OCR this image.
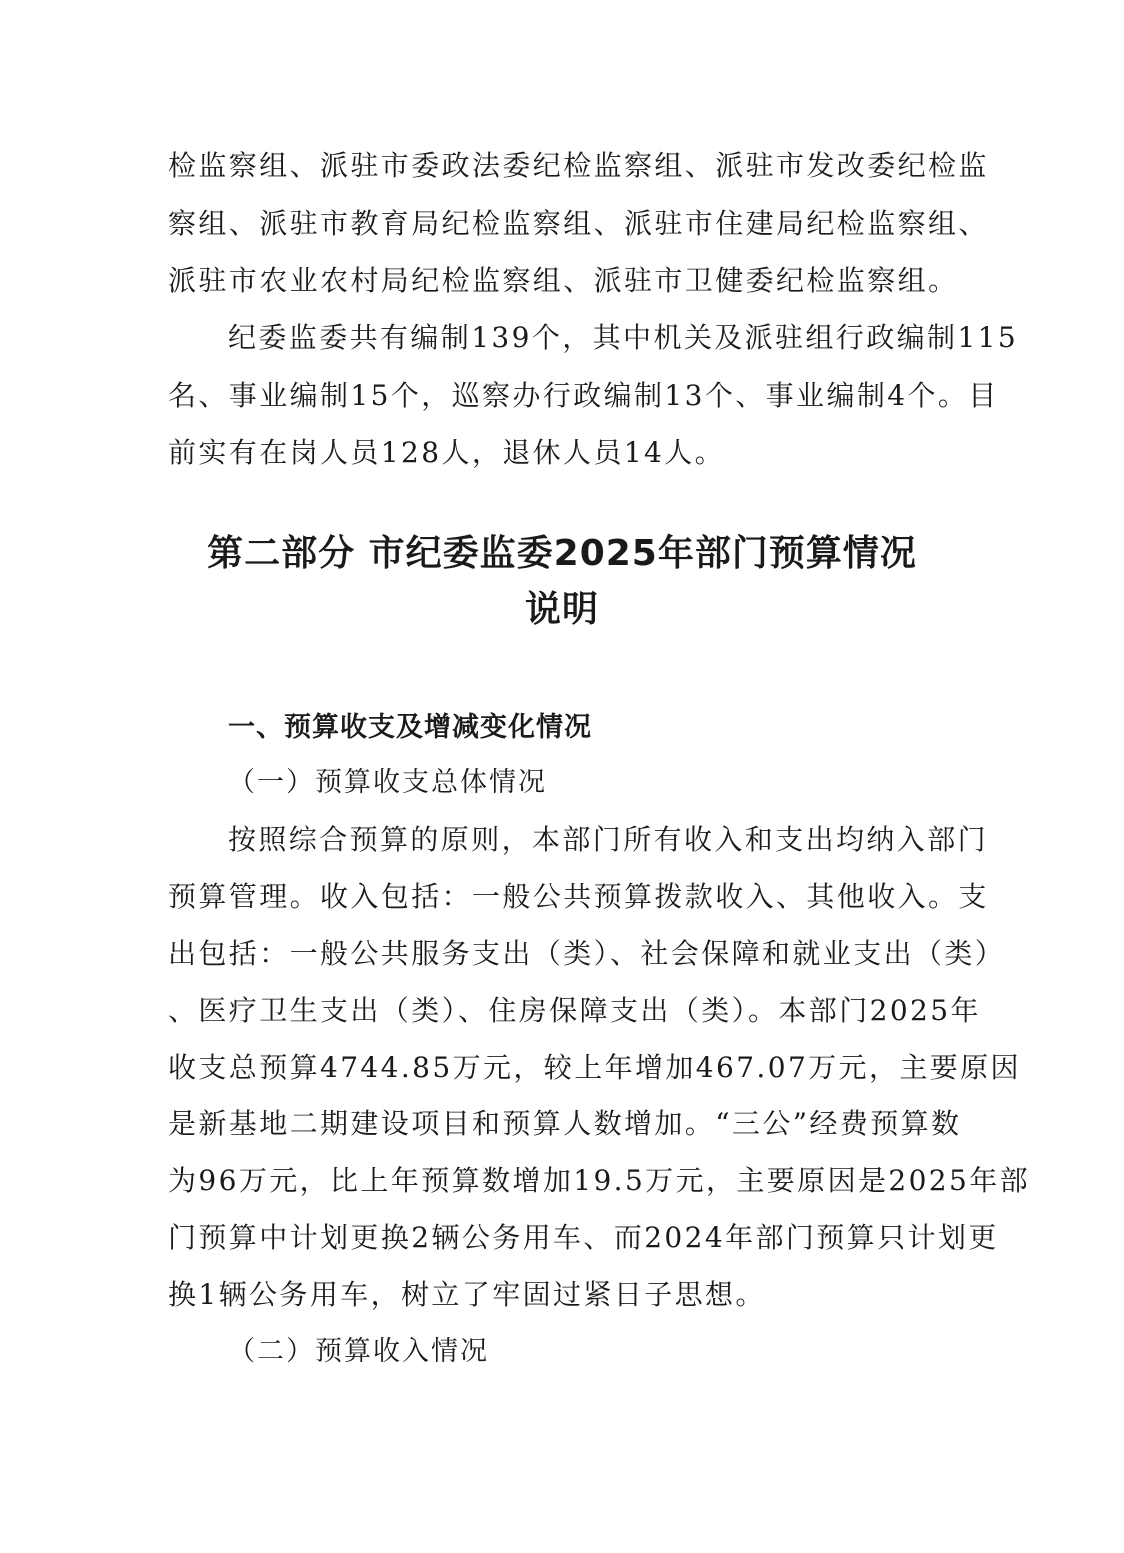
检监察组、派驻市委政法委纪检监察组、派驻市发改委纪检监
察组、派驻市教育局纪检监察组、派驻市住建局纪检监察组、
派驻市农业农村局纪检监察组、派驻市卫健委纪检监察组。
纪委监委共有编制139个，其中机关及派驻组行政编制115
名、事业编制15个，巡察办行政编制13个、事业编制4个。目
前实有在岗人员128人，退休人员14人。
第二部分 市纪委监委2025年部门预算情况
说明
一、预算收支及增减变化情况
（一）预算收支总体情况
按照综合预算的原则，本部门所有收入和支出均纳入部门
预算管理。收入包括：一般公共预算拨款收入、其他收入。支
出包括：一般公共服务支出（类）、社会保障和就业支出（类）
、医疗卫生支出（类）、住房保障支出（类）。本部门2025年
收支总预算4744.85万元，较上年增加467.07万元，主要原因
是新基地二期建设项目和预算人数增加。“三公”经费预算数
为96万元，比上年预算数增加19.5万元，主要原因是2025年部
门预算中计划更换2辆公务用车、而2024年部门预算只计划更
换1辆公务用车，树立了牢固过紧日子思想。
（二）预算收入情况
